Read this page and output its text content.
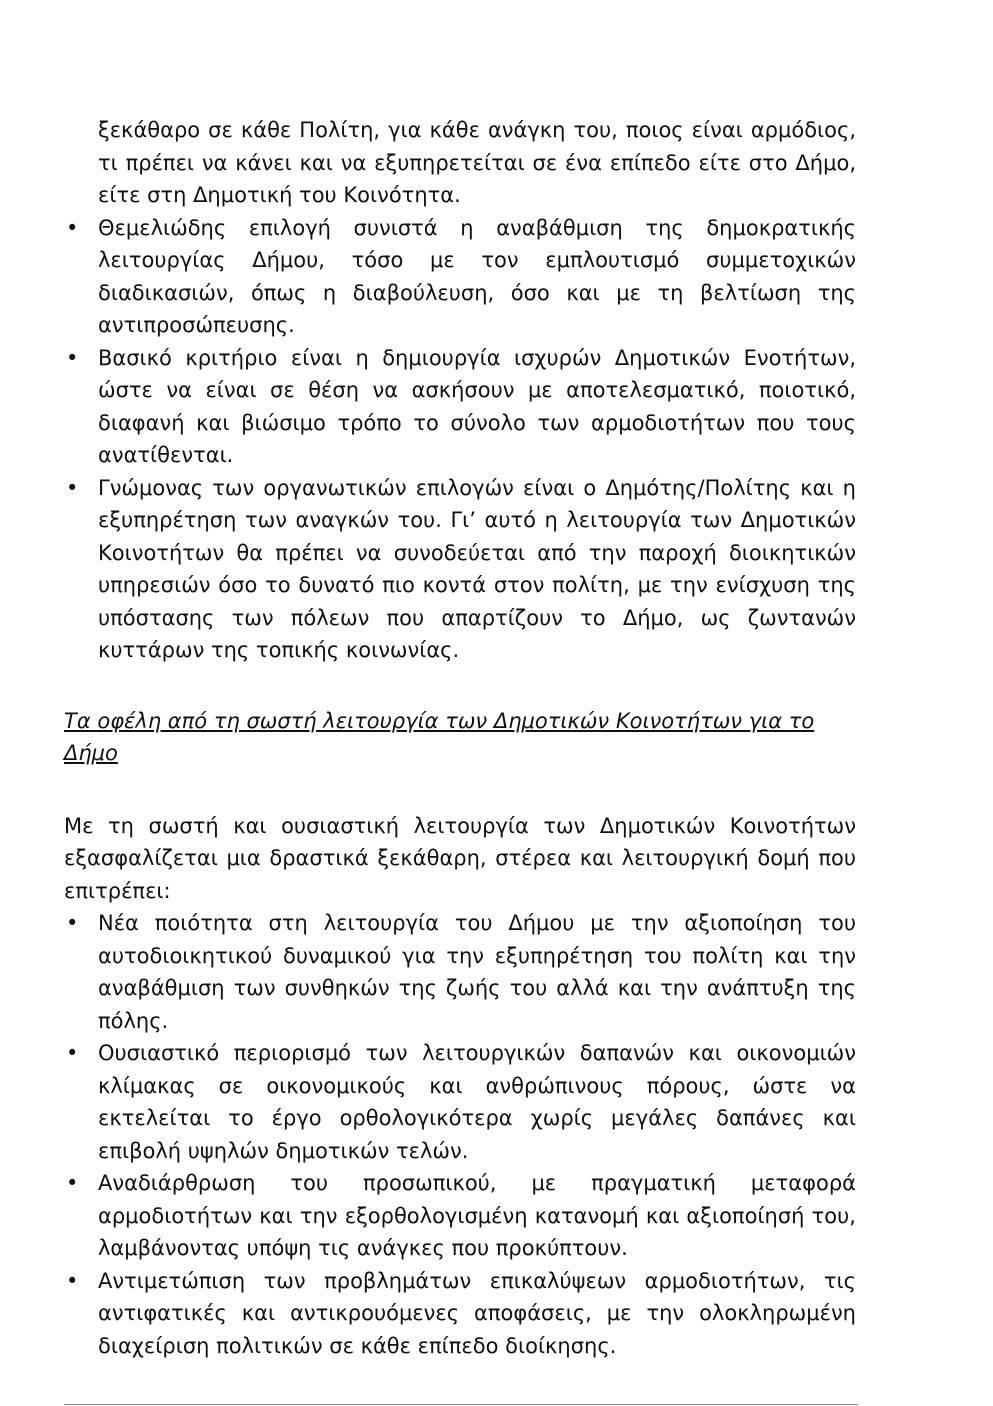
ξεκάθαρο σε κάθε Πολίτη, για κάθε ανάγκη του, ποιος είναι αρμόδιος, τι πρέπει να κάνει και να εξυπηρετείται σε ένα επίπεδο είτε στο Δήμο, είτε στη Δημοτική του Κοινότητα.

• Θεμελιώδης επιλογή συνιστά η αναβάθμιση της δημοκρατικής λειτουργίας Δήμου, τόσο με τον εμπλουτισμό συμμετοχικών διαδικασιών, όπως η διαβούλευση, όσο και με τη βελτίωση της αντιπροσώπευσης.
• Βασικό κριτήριο είναι η δημιουργία ισχυρών Δημοτικών Ενοτήτων, ώστε να είναι σε θέση να ασκήσουν με αποτελεσματικό, ποιοτικό, διαφανή και βιώσιμο τρόπο το σύνολο των αρμοδιοτήτων που τους ανατίθενται.
• Γνώμονας των οργανωτικών επιλογών είναι ο Δημότης/Πολίτης και η εξυπηρέτηση των αναγκών του. Γι’ αυτό η λειτουργία των Δημοτικών Κοινοτήτων θα πρέπει να συνοδεύεται από την παροχή διοικητικών υπηρεσιών όσο το δυνατό πιο κοντά στον πολίτη, με την ενίσχυση της υπόστασης των πόλεων που απαρτίζουν το Δήμο, ως ζωντανών κυττάρων της τοπικής κοινωνίας.

Τα οφέλη από τη σωστή λειτουργία των Δημοτικών Κοινοτήτων για το Δήμο

Με τη σωστή και ουσιαστική λειτουργία των Δημοτικών Κοινοτήτων εξασφαλίζεται μια δραστικά ξεκάθαρη, στέρεα και λειτουργική δομή που επιτρέπει:

• Νέα ποιότητα στη λειτουργία του Δήμου με την αξιοποίηση του αυτοδιοικητικού δυναμικού για την εξυπηρέτηση του πολίτη και την αναβάθμιση των συνθηκών της ζωής του αλλά και την ανάπτυξη της πόλης.
• Ουσιαστικό περιορισμό των λειτουργικών δαπανών και οικονομιών κλίμακας σε οικονομικούς και ανθρώπινους πόρους, ώστε να εκτελείται το έργο ορθολογικότερα χωρίς μεγάλες δαπάνες και επιβολή υψηλών δημοτικών τελών.
• Αναδιάρθρωση του προσωπικού, με πραγματική μεταφορά αρμοδιοτήτων και την εξορθολογισμένη κατανομή και αξιοποίησή του, λαμβάνοντας υπόψη τις ανάγκες που προκύπτουν.
• Αντιμετώπιση των προβλημάτων επικαλύψεων αρμοδιοτήτων, τις αντιφατικές και αντικρουόμενες αποφάσεις, με την ολοκληρωμένη διαχείριση πολιτικών σε κάθε επίπεδο διοίκησης.
